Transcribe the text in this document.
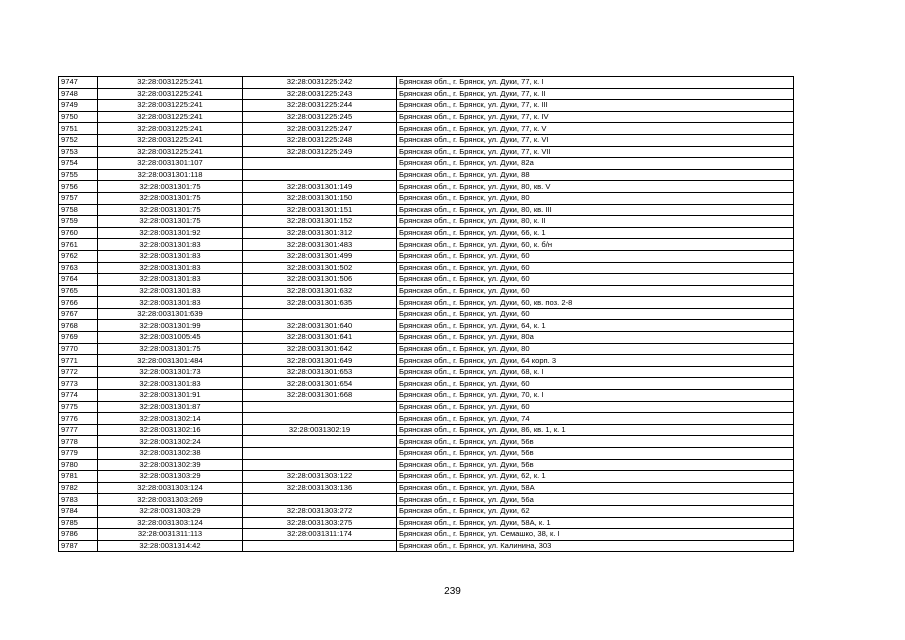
9747	32:28:0031225:241	32:28:0031225:242	Брянская обл., г. Брянск, ул. Дуки, 77, к. I
9748	32:28:0031225:241	32:28:0031225:243	Брянская обл., г. Брянск, ул. Дуки, 77, к. II
9749	32:28:0031225:241	32:28:0031225:244	Брянская обл., г. Брянск, ул. Дуки, 77, к. III
9750	32:28:0031225:241	32:28:0031225:245	Брянская обл., г. Брянск, ул. Дуки, 77, к. IV
9751	32:28:0031225:241	32:28:0031225:247	Брянская обл., г. Брянск, ул. Дуки, 77, к. V
9752	32:28:0031225:241	32:28:0031225:248	Брянская обл., г. Брянск, ул. Дуки, 77, к. VI
9753	32:28:0031225:241	32:28:0031225:249	Брянская обл., г. Брянск, ул. Дуки, 77, к. VII
9754	32:28:0031301:107		Брянская обл., г. Брянск, ул. Дуки, 82а
9755	32:28:0031301:118		Брянская обл., г. Брянск, ул. Дуки, 88
9756	32:28:0031301:75	32:28:0031301:149	Брянская обл., г. Брянск, ул. Дуки, 80, кв. V
9757	32:28:0031301:75	32:28:0031301:150	Брянская обл., г. Брянск, ул. Дуки, 80
9758	32:28:0031301:75	32:28:0031301:151	Брянская обл., г. Брянск, ул. Дуки, 80, кв. III
9759	32:28:0031301:75	32:28:0031301:152	Брянская обл., г. Брянск, ул. Дуки, 80, к. II
9760	32:28:0031301:92	32:28:0031301:312	Брянская обл., г. Брянск, ул. Дуки, 66, к. 1
9761	32:28:0031301:83	32:28:0031301:483	Брянская обл., г. Брянск, ул. Дуки, 60, к. б/н
9762	32:28:0031301:83	32:28:0031301:499	Брянская обл., г. Брянск, ул. Дуки, 60
9763	32:28:0031301:83	32:28:0031301:502	Брянская обл., г. Брянск, ул. Дуки, 60
9764	32:28:0031301:83	32:28:0031301:506	Брянская обл., г. Брянск, ул. Дуки, 60
9765	32:28:0031301:83	32:28:0031301:632	Брянская обл., г. Брянск, ул. Дуки, 60
9766	32:28:0031301:83	32:28:0031301:635	Брянская обл., г. Брянск, ул. Дуки, 60, кв. поз. 2-8
9767	32:28:0031301:639		Брянская обл., г. Брянск, ул. Дуки, 60
9768	32:28:0031301:99	32:28:0031301:640	Брянская обл., г. Брянск, ул. Дуки, 64, к. 1
9769	32:28:0031005:45	32:28:0031301:641	Брянская обл., г. Брянск, ул. Дуки, 80а
9770	32:28:0031301:75	32:28:0031301:642	Брянская обл., г. Брянск, ул. Дуки, 80
9771	32:28:0031301:484	32:28:0031301:649	Брянская обл., г. Брянск, ул. Дуки, 64 корп. 3
9772	32:28:0031301:73	32:28:0031301:653	Брянская обл., г. Брянск, ул. Дуки, 68, к. I
9773	32:28:0031301:83	32:28:0031301:654	Брянская обл., г. Брянск, ул. Дуки, 60
9774	32:28:0031301:91	32:28:0031301:668	Брянская обл., г. Брянск, ул. Дуки, 70, к. I
9775	32:28:0031301:87		Брянская обл., г. Брянск, ул. Дуки, 60
9776	32:28:0031302:14		Брянская обл., г. Брянск, ул. Дуки, 74
9777	32:28:0031302:16	32:28:0031302:19	Брянская обл., г. Брянск, ул. Дуки, 86, кв. 1, к. 1
9778	32:28:0031302:24		Брянская обл., г. Брянск, ул. Дуки, 56в
9779	32:28:0031302:38		Брянская обл., г. Брянск, ул. Дуки, 56в
9780	32:28:0031302:39		Брянская обл., г. Брянск, ул. Дуки, 56в
9781	32:28:0031303:29	32:28:0031303:122	Брянская обл., г. Брянск, ул. Дуки, 62, к. 1
9782	32:28:0031303:124	32:28:0031303:136	Брянская обл., г. Брянск, ул. Дуки, 58А
9783	32:28:0031303:269		Брянская обл., г. Брянск, ул. Дуки, 56а
9784	32:28:0031303:29	32:28:0031303:272	Брянская обл., г. Брянск, ул. Дуки, 62
9785	32:28:0031303:124	32:28:0031303:275	Брянская обл., г. Брянск, ул. Дуки, 58А, к. 1
9786	32:28:0031311:113	32:28:0031311:174	Брянская обл., г. Брянск, ул. Семашко, 38, к. I
9787	32:28:0031314:42		Брянская обл., г. Брянск, ул. Калинина, 303
239
